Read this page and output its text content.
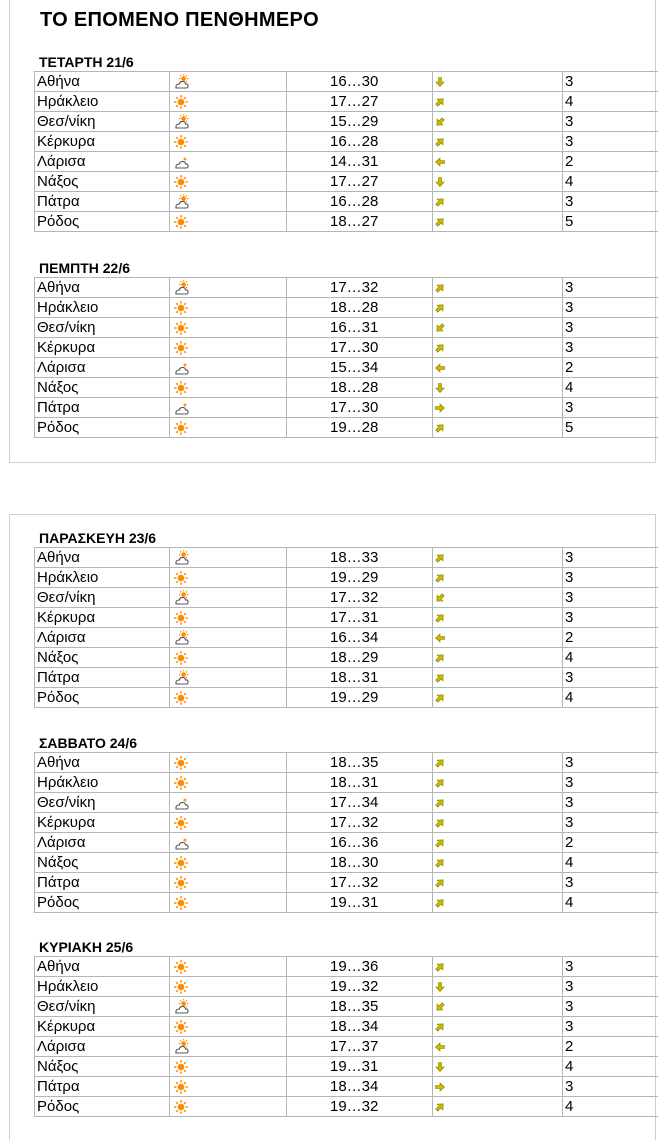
ΤΟ ΕΠΟΜΕΝΟ ΠΕΝΘΗΜΕΡΟ
ΤΕΤΑΡΤΗ 21/6
Αθήνα		16…30		3
Ηράκλειο		17…27		4
Θεσ/νίκη		15…29		3
Κέρκυρα		16…28		3
Λάρισα		14…31		2
Νάξος		17…27		4
Πάτρα		16…28		3
Ρόδος		18…27		5
ΠΕΜΠΤΗ 22/6
Αθήνα		17…32		3
Ηράκλειο		18…28		3
Θεσ/νίκη		16…31		3
Κέρκυρα		17…30		3
Λάρισα		15…34		2
Νάξος		18…28		4
Πάτρα		17…30		3
Ρόδος		19…28		5
ΠΑΡΑΣΚΕΥΗ 23/6
Αθήνα		18…33		3
Ηράκλειο		19…29		3
Θεσ/νίκη		17…32		3
Κέρκυρα		17…31		3
Λάρισα		16…34		2
Νάξος		18…29		4
Πάτρα		18…31		3
Ρόδος		19…29		4
ΣΑΒΒΑΤΟ 24/6
Αθήνα		18…35		3
Ηράκλειο		18…31		3
Θεσ/νίκη		17…34		3
Κέρκυρα		17…32		3
Λάρισα		16…36		2
Νάξος		18…30		4
Πάτρα		17…32		3
Ρόδος		19…31		4
ΚΥΡΙΑΚΗ 25/6
Αθήνα		19…36		3
Ηράκλειο		19…32		3
Θεσ/νίκη		18…35		3
Κέρκυρα		18…34		3
Λάρισα		17…37		2
Νάξος		19…31		4
Πάτρα		18…34		3
Ρόδος		19…32		4
